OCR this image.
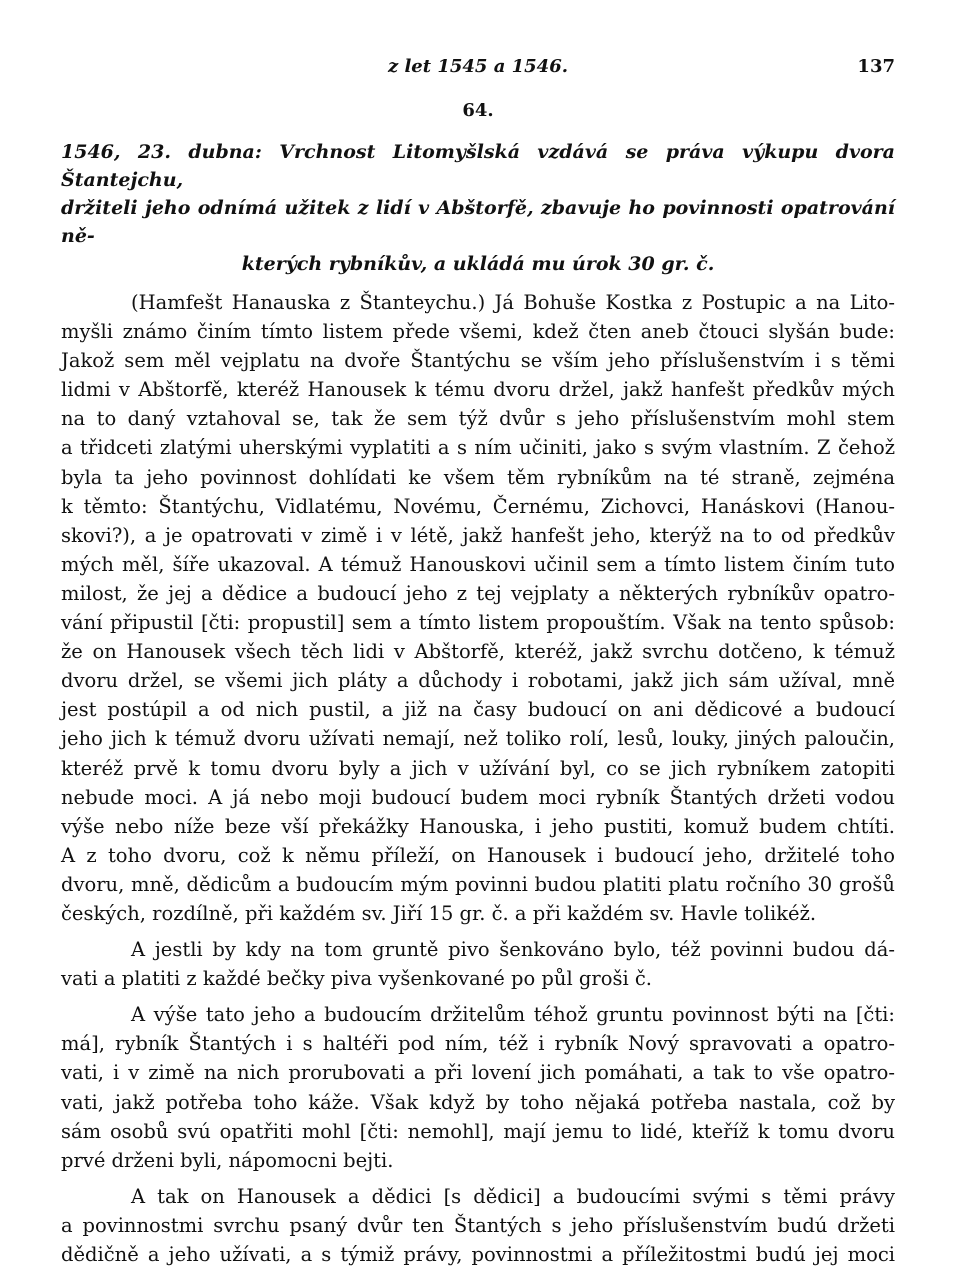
z let 1545 a 1546.	137
64.
1546, 23. dubna: Vrchnost Litomyšlská vzdává se práva výkupu dvora Štantejchu,
držiteli jeho odnímá užitek z lidí v Abštorfě, zbavuje ho povinnosti opatrování ně-
kterých rybníkův, a ukládá mu úrok 30 gr. č.
(Hamfešt Hanauska z Štanteychu.) Já Bohuše Kostka z Postupic a na Lito-
myšli známo činím tímto listem přede všemi, kdež čten aneb čtouci slyšán bude:
Jakož sem měl vejplatu na dvoře Štantýchu se vším jeho příslušenstvím i s těmi
lidmi v Abštorfě, kteréž Hanousek k tému dvoru držel, jakž hanfešt předkův mých
na to daný vztahoval se, tak že sem týž dvůr s jeho příslušenstvím mohl stem
a třidceti zlatými uherskými vyplatiti a s ním učiniti, jako s svým vlastním. Z čehož
byla ta jeho povinnost dohlídati ke všem těm rybníkům na té straně, zejména
k těmto: Štantýchu, Vidlatému, Novému, Černému, Zichovci, Hanáskovi (Hanou-
skovi?), a je opatrovati v zimě i v létě, jakž hanfešt jeho, kterýž na to od předkův
mých měl, šíře ukazoval. A témuž Hanouskovi učinil sem a tímto listem činím tuto
milost, že jej a dědice a budoucí jeho z tej vejplaty a některých rybníkův opatro-
vání připustil [čti: propustil] sem a tímto listem propouštím. Však na tento spůsob:
že on Hanousek všech těch lidi v Abštorfě, kteréž, jakž svrchu dotčeno, k témuž
dvoru držel, se všemi jich pláty a důchody i robotami, jakž jich sám užíval, mně
jest postúpil a od nich pustil, a již na časy budoucí on ani dědicové a budoucí
jeho jich k témuž dvoru užívati nemají, než toliko rolí, lesů, louky, jiných paloučin,
kteréž prvě k tomu dvoru byly a jich v užívání byl, co se jich rybníkem zatopiti
nebude moci. A já nebo moji budoucí budem moci rybník Štantých držeti vodou
výše nebo níže beze vší překážky Hanouska, i jeho pustiti, komuž budem chtíti.
A z toho dvoru, což k němu příleží, on Hanousek i budoucí jeho, držitelé toho
dvoru, mně, dědicům a budoucím mým povinni budou platiti platu ročního 30 grošů
českých, rozdílně, při každém sv. Jiří 15 gr. č. a při každém sv. Havle tolikéž.
A jestli by kdy na tom gruntě pivo šenkováno bylo, též povinni budou dá-
vati a platiti z každé bečky piva vyšenkované po půl groši č.
A výše tato jeho a budoucím držitelům téhož gruntu povinnost býti na [čti:
má], rybník Štantých i s haltéři pod ním, též i rybník Nový spravovati a opatro-
vati, i v zimě na nich prorubovati a při lovení jich pomáhati, a tak to vše opatro-
vati, jakž potřeba toho káže. Však když by toho nějaká potřeba nastala, což by
sám osobů svú opatřiti mohl [čti: nemohl], mají jemu to lidé, kteříž k tomu dvoru
prvé drženi byli, nápomocni bejti.
A tak on Hanousek a dědici [s dědici] a budoucími svými s těmi právy
a povinnostmi svrchu psaný dvůr ten Štantých s jeho příslušenstvím budú držeti
dědičně a jeho užívati, a s týmiž právy, povinnostmi a příležitostmi budú jej moci
